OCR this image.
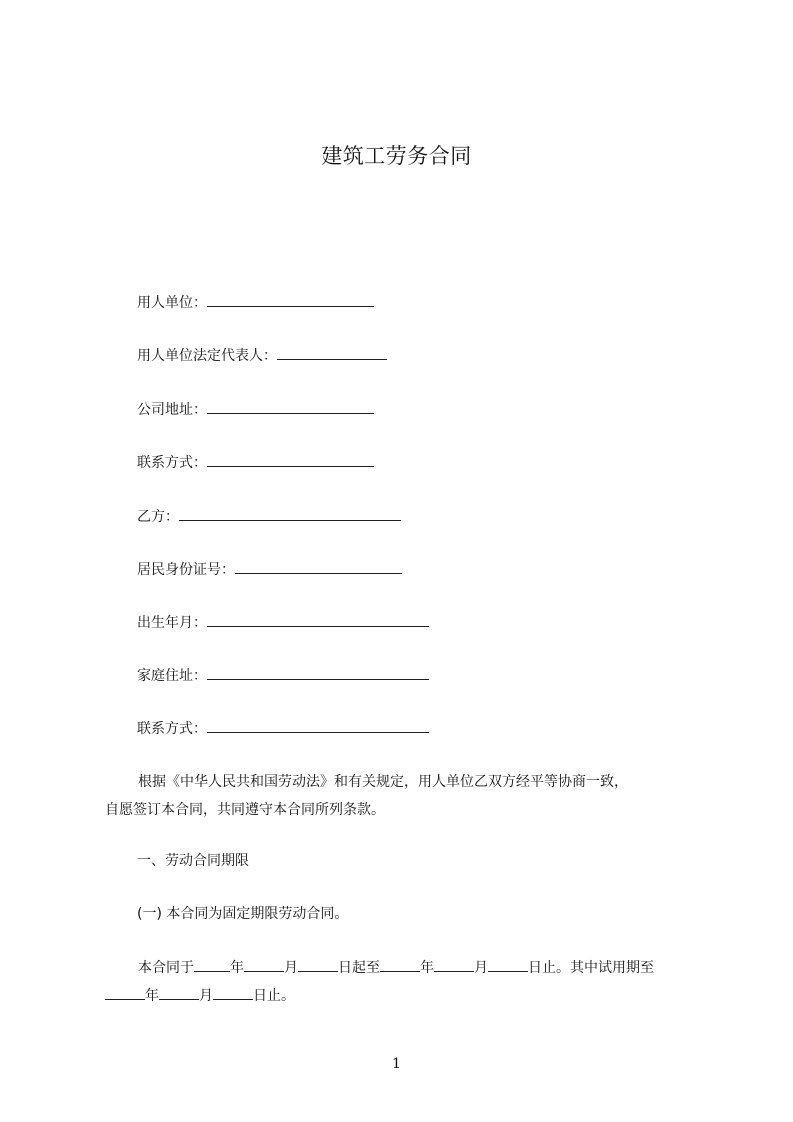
建筑工劳务合同
用人单位：
用人单位法定代表人：
公司地址：
联系方式：
乙方：
居民身份证号：
出生年月：
家庭住址：
联系方式：
根据《中华人民共和国劳动法》和有关规定，用人单位乙双方经平等协商一致，
自愿签订本合同，共同遵守本合同所列条款。
一、劳动合同期限
(一) 本合同为固定期限劳动合同。
本合同于	年	月	日起至	年	月	日止。其中试用期至
年	月	日止。
1
